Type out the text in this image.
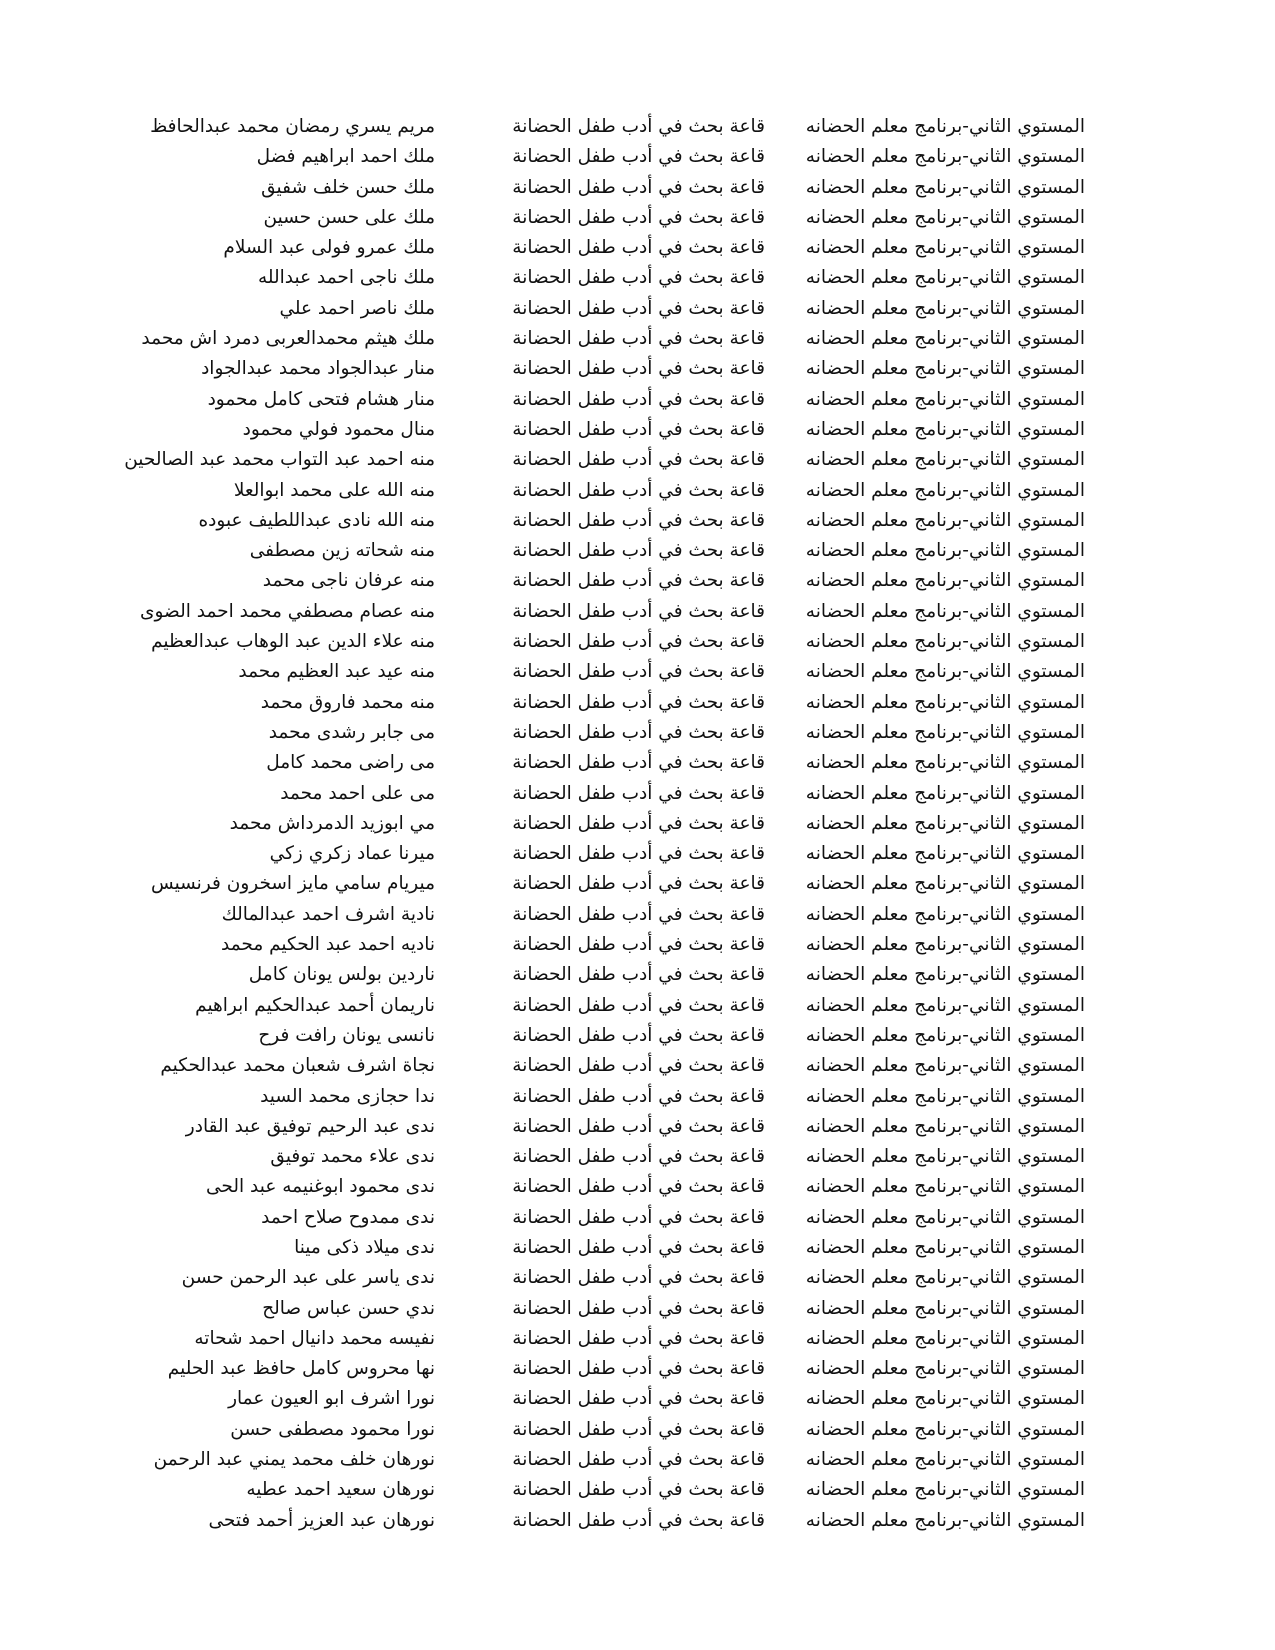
المستوي الثاني-برنامج معلم الحضانه
قاعة بحث في أدب طفل الحضانة
مريم يسري رمضان محمد عبدالحافظ
المستوي الثاني-برنامج معلم الحضانه
قاعة بحث في أدب طفل الحضانة
ملك احمد ابراهيم فضل
المستوي الثاني-برنامج معلم الحضانه
قاعة بحث في أدب طفل الحضانة
ملك حسن خلف شفيق
المستوي الثاني-برنامج معلم الحضانه
قاعة بحث في أدب طفل الحضانة
ملك على حسن حسين
المستوي الثاني-برنامج معلم الحضانه
قاعة بحث في أدب طفل الحضانة
ملك عمرو فولى عبد السلام
المستوي الثاني-برنامج معلم الحضانه
قاعة بحث في أدب طفل الحضانة
ملك ناجى احمد عبدالله
المستوي الثاني-برنامج معلم الحضانه
قاعة بحث في أدب طفل الحضانة
ملك ناصر احمد علي
المستوي الثاني-برنامج معلم الحضانه
قاعة بحث في أدب طفل الحضانة
ملك هيثم محمدالعربى دمرد اش محمد
المستوي الثاني-برنامج معلم الحضانه
قاعة بحث في أدب طفل الحضانة
منار عبدالجواد محمد عبدالجواد
المستوي الثاني-برنامج معلم الحضانه
قاعة بحث في أدب طفل الحضانة
منار هشام فتحى كامل محمود
المستوي الثاني-برنامج معلم الحضانه
قاعة بحث في أدب طفل الحضانة
منال محمود فولي محمود
المستوي الثاني-برنامج معلم الحضانه
قاعة بحث في أدب طفل الحضانة
منه احمد عبد التواب محمد عبد الصالحين
المستوي الثاني-برنامج معلم الحضانه
قاعة بحث في أدب طفل الحضانة
منه الله على محمد ابوالعلا
المستوي الثاني-برنامج معلم الحضانه
قاعة بحث في أدب طفل الحضانة
منه الله نادى عبداللطيف عبوده
المستوي الثاني-برنامج معلم الحضانه
قاعة بحث في أدب طفل الحضانة
منه شحاته زين مصطفى
المستوي الثاني-برنامج معلم الحضانه
قاعة بحث في أدب طفل الحضانة
منه عرفان ناجى محمد
المستوي الثاني-برنامج معلم الحضانه
قاعة بحث في أدب طفل الحضانة
منه عصام مصطفي محمد احمد الضوى
المستوي الثاني-برنامج معلم الحضانه
قاعة بحث في أدب طفل الحضانة
منه علاء الدين عبد الوهاب عبدالعظيم
المستوي الثاني-برنامج معلم الحضانه
قاعة بحث في أدب طفل الحضانة
منه عيد عبد العظيم محمد
المستوي الثاني-برنامج معلم الحضانه
قاعة بحث في أدب طفل الحضانة
منه محمد فاروق محمد
المستوي الثاني-برنامج معلم الحضانه
قاعة بحث في أدب طفل الحضانة
مى جابر رشدى محمد
المستوي الثاني-برنامج معلم الحضانه
قاعة بحث في أدب طفل الحضانة
مى راضى محمد كامل
المستوي الثاني-برنامج معلم الحضانه
قاعة بحث في أدب طفل الحضانة
مى على احمد محمد
المستوي الثاني-برنامج معلم الحضانه
قاعة بحث في أدب طفل الحضانة
مي ابوزيد الدمرداش محمد
المستوي الثاني-برنامج معلم الحضانه
قاعة بحث في أدب طفل الحضانة
ميرنا عماد زكري زكي
المستوي الثاني-برنامج معلم الحضانه
قاعة بحث في أدب طفل الحضانة
ميريام سامي مايز اسخرون فرنسيس
المستوي الثاني-برنامج معلم الحضانه
قاعة بحث في أدب طفل الحضانة
نادية اشرف احمد عبدالمالك
المستوي الثاني-برنامج معلم الحضانه
قاعة بحث في أدب طفل الحضانة
ناديه احمد عبد الحكيم محمد
المستوي الثاني-برنامج معلم الحضانه
قاعة بحث في أدب طفل الحضانة
ناردين بولس يونان كامل
المستوي الثاني-برنامج معلم الحضانه
قاعة بحث في أدب طفل الحضانة
ناريمان أحمد عبدالحكيم ابراهيم
المستوي الثاني-برنامج معلم الحضانه
قاعة بحث في أدب طفل الحضانة
نانسى يونان رافت فرح
المستوي الثاني-برنامج معلم الحضانه
قاعة بحث في أدب طفل الحضانة
نجاة اشرف شعبان محمد عبدالحكيم
المستوي الثاني-برنامج معلم الحضانه
قاعة بحث في أدب طفل الحضانة
ندا حجازى محمد السيد
المستوي الثاني-برنامج معلم الحضانه
قاعة بحث في أدب طفل الحضانة
ندى عبد الرحيم توفيق عبد القادر
المستوي الثاني-برنامج معلم الحضانه
قاعة بحث في أدب طفل الحضانة
ندى علاء محمد توفيق
المستوي الثاني-برنامج معلم الحضانه
قاعة بحث في أدب طفل الحضانة
ندى محمود ابوغنيمه عبد الحى
المستوي الثاني-برنامج معلم الحضانه
قاعة بحث في أدب طفل الحضانة
ندى ممدوح صلاح احمد
المستوي الثاني-برنامج معلم الحضانه
قاعة بحث في أدب طفل الحضانة
ندى ميلاد ذكى مينا
المستوي الثاني-برنامج معلم الحضانه
قاعة بحث في أدب طفل الحضانة
ندى ياسر على عبد الرحمن حسن
المستوي الثاني-برنامج معلم الحضانه
قاعة بحث في أدب طفل الحضانة
ندي حسن عباس صالح
المستوي الثاني-برنامج معلم الحضانه
قاعة بحث في أدب طفل الحضانة
نفيسه محمد دانيال احمد شحاته
المستوي الثاني-برنامج معلم الحضانه
قاعة بحث في أدب طفل الحضانة
نها محروس كامل حافظ عبد الحليم
المستوي الثاني-برنامج معلم الحضانه
قاعة بحث في أدب طفل الحضانة
نورا اشرف ابو العيون عمار
المستوي الثاني-برنامج معلم الحضانه
قاعة بحث في أدب طفل الحضانة
نورا محمود مصطفى حسن
المستوي الثاني-برنامج معلم الحضانه
قاعة بحث في أدب طفل الحضانة
نورهان خلف محمد يمني عبد الرحمن
المستوي الثاني-برنامج معلم الحضانه
قاعة بحث في أدب طفل الحضانة
نورهان سعيد احمد عطيه
المستوي الثاني-برنامج معلم الحضانه
قاعة بحث في أدب طفل الحضانة
نورهان عبد العزيز أحمد فتحى
